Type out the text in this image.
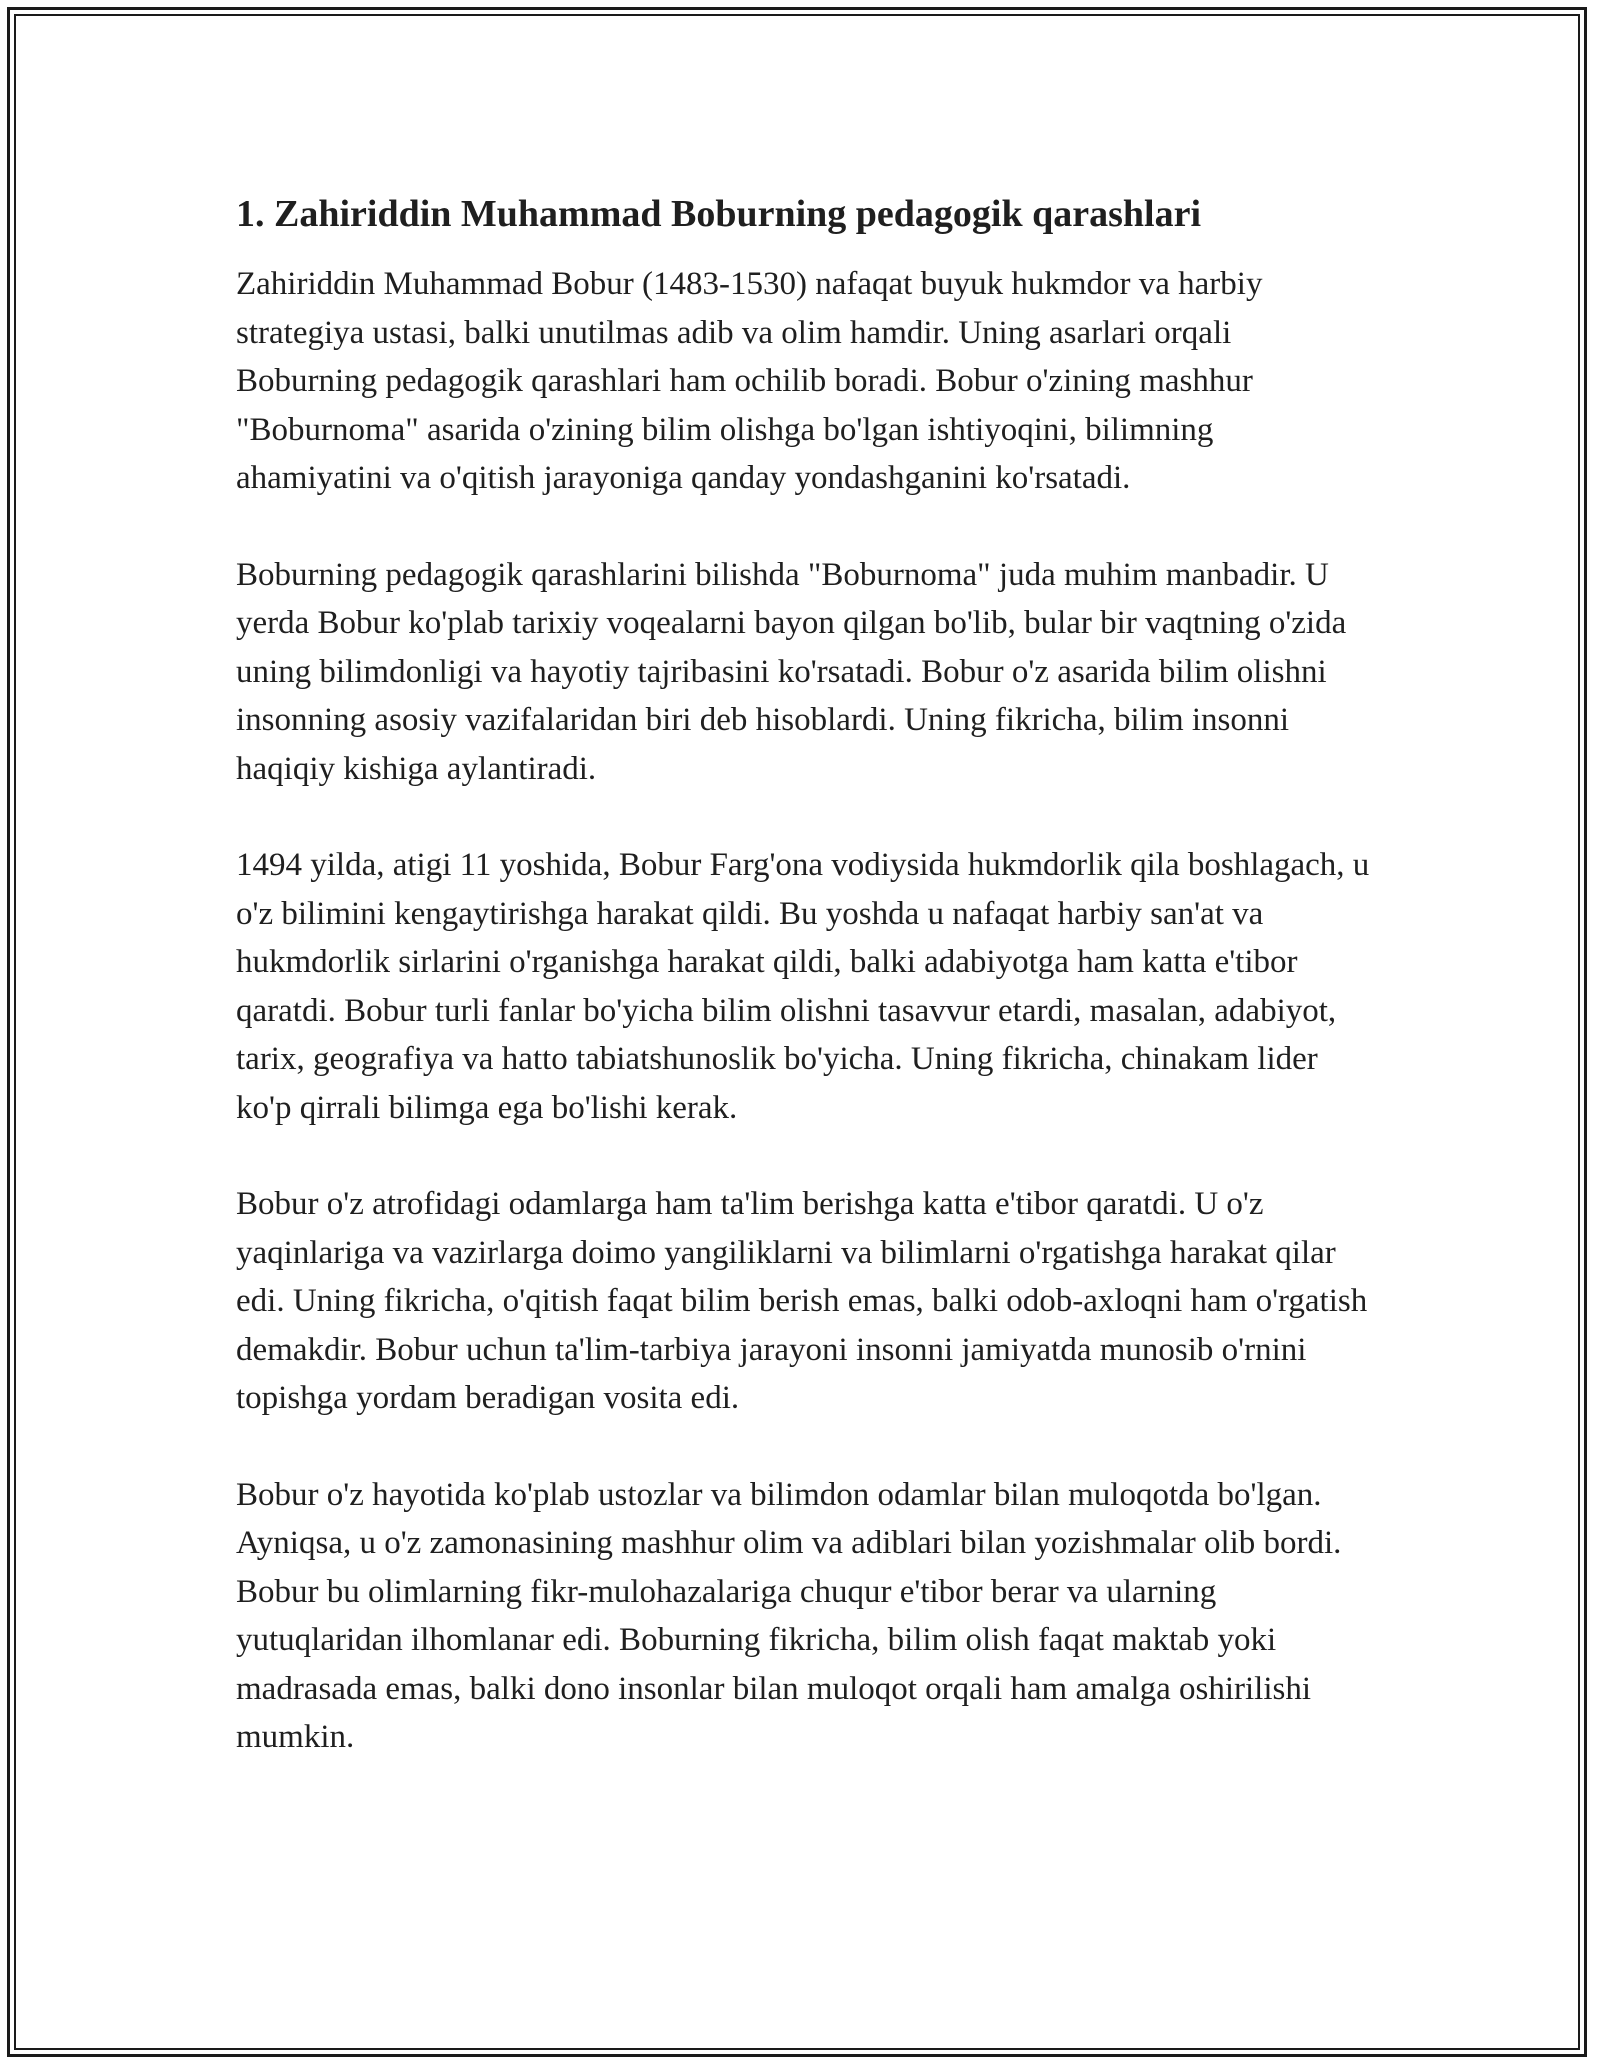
1. Zahiriddin Muhammad Boburning pedagogik qarashlari

Zahiriddin Muhammad Bobur (1483-1530) nafaqat buyuk hukmdor va harbiy strategiya ustasi, balki unutilmas adib va olim hamdir. Uning asarlari orqali Boburning pedagogik qarashlari ham ochilib boradi. Bobur o'zining mashhur "Boburnoma" asarida o'zining bilim olishga bo'lgan ishtiyoqini, bilimning ahamiyatini va o'qitish jarayoniga qanday yondashganini ko'rsatadi.

Boburning pedagogik qarashlarini bilishda "Boburnoma" juda muhim manbadir. U yerda Bobur ko'plab tarixiy voqealarni bayon qilgan bo'lib, bular bir vaqtning o'zida uning bilimdonligi va hayotiy tajribasini ko'rsatadi. Bobur o'z asarida bilim olishni insonning asosiy vazifalaridan biri deb hisoblardi. Uning fikricha, bilim insonni haqiqiy kishiga aylantiradi.

1494 yilda, atigi 11 yoshida, Bobur Farg'ona vodiysida hukmdorlik qila boshlagach, u o'z bilimini kengaytirishga harakat qildi. Bu yoshda u nafaqat harbiy san'at va hukmdorlik sirlarini o'rganishga harakat qildi, balki adabiyotga ham katta e'tibor qaratdi. Bobur turli fanlar bo'yicha bilim olishni tasavvur etardi, masalan, adabiyot, tarix, geografiya va hatto tabiatshunoslik bo'yicha. Uning fikricha, chinakam lider ko'p qirrali bilimga ega bo'lishi kerak.

Bobur o'z atrofidagi odamlarga ham ta'lim berishga katta e'tibor qaratdi. U o'z yaqinlariga va vazirlarga doimo yangiliklarni va bilimlarni o'rgatishga harakat qilar edi. Uning fikricha, o'qitish faqat bilim berish emas, balki odob-axloqni ham o'rgatish demakdir. Bobur uchun ta'lim-tarbiya jarayoni insonni jamiyatda munosib o'rnini topishga yordam beradigan vosita edi.

Bobur o'z hayotida ko'plab ustozlar va bilimdon odamlar bilan muloqotda bo'lgan. Ayniqsa, u o'z zamonasining mashhur olim va adiblari bilan yozishmalar olib bordi. Bobur bu olimlarning fikr-mulohazalariga chuqur e'tibor berar va ularning yutuqlaridan ilhomlanar edi. Boburning fikricha, bilim olish faqat maktab yoki madrasada emas, balki dono insonlar bilan muloqot orqali ham amalga oshirilishi mumkin.
